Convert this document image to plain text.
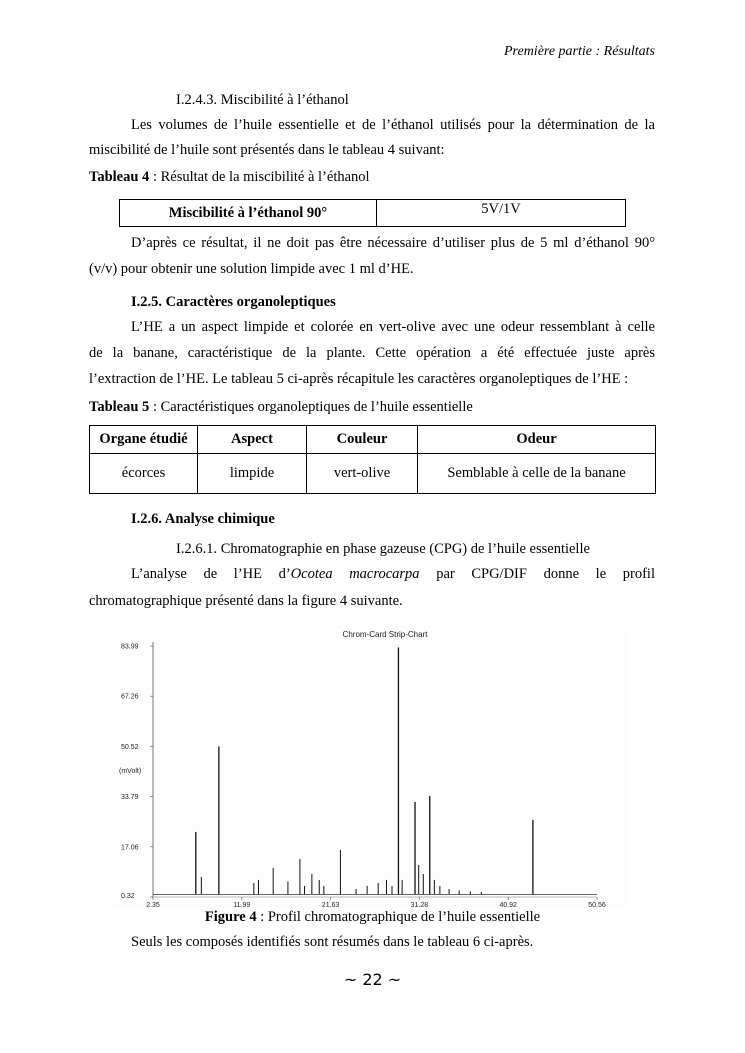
Première partie : Résultats
I.2.4.3. Miscibilité à l’éthanol
Les volumes de l’huile essentielle et de l’éthanol utilisés pour la détermination de la
miscibilité de l’huile sont présentés dans le tableau 4 suivant:
Tableau 4 : Résultat de la miscibilité à l’éthanol
Miscibilité à l’éthanol 90°	5V/1V
D’après ce résultat, il ne doit pas être nécessaire d’utiliser plus de 5 ml d’éthanol 90°
(v/v) pour obtenir une solution limpide avec 1 ml d’HE.
I.2.5. Caractères organoleptiques
L’HE a un aspect limpide et colorée en vert-olive avec une odeur ressemblant à celle
de la banane, caractéristique de la plante. Cette opération a été effectuée juste après
l’extraction de l’HE. Le tableau 5 ci-après récapitule les caractères organoleptiques de l’HE :
Tableau 5 : Caractéristiques organoleptiques de l’huile essentielle
Organe étudié	Aspect	Couleur	Odeur
écorces	limpide	vert-olive	Semblable à celle de la banane
I.2.6. Analyse chimique
I.2.6.1. Chromatographie en phase gazeuse (CPG) de l’huile essentielle
L’analyse de l’HE d’Ocotea macrocarpa par CPG/DIF donne le profil
chromatographique présenté dans la figure 4 suivante.
Chrom-Card Strip-Chart
(mVolt)
83.99
67.26
50.52
33.79
17.06
0.32
2.35	11.99	21.63	31.28	40.92	50.56
Figure 4 : Profil chromatographique de l’huile essentielle
Seuls les composés identifiés sont résumés dans le tableau 6 ci-après.
~ 22 ~
